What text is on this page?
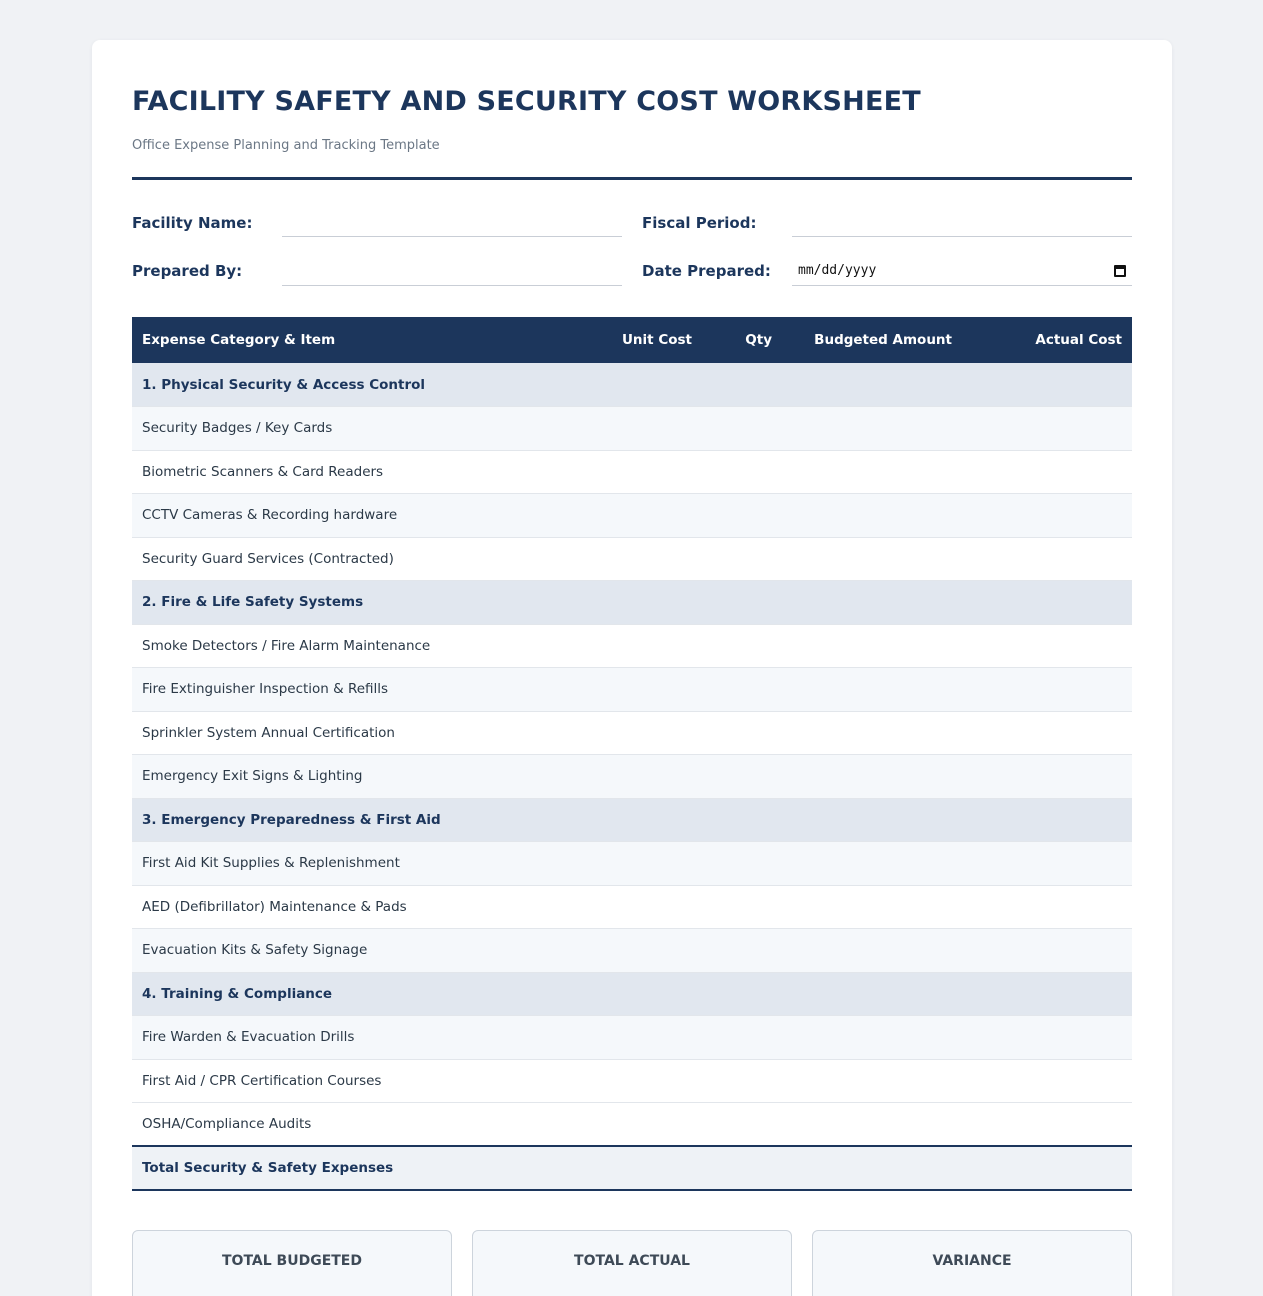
FACILITY SAFETY AND SECURITY COST WORKSHEET
Office Expense Planning and Tracking Template
Facility Name:	Fiscal Period:
Prepared By:	Date Prepared: mm/dd/yyyy
Expense Category & Item	Unit Cost	Qty	Budgeted Amount	Actual Cost
1. Physical Security & Access Control				
Security Badges / Key Cards				
Biometric Scanners & Card Readers				
CCTV Cameras & Recording hardware				
Security Guard Services (Contracted)				
2. Fire & Life Safety Systems				
Smoke Detectors / Fire Alarm Maintenance				
Fire Extinguisher Inspection & Refills				
Sprinkler System Annual Certification				
Emergency Exit Signs & Lighting				
3. Emergency Preparedness & First Aid				
First Aid Kit Supplies & Replenishment				
AED (Defibrillator) Maintenance & Pads				
Evacuation Kits & Safety Signage				
4. Training & Compliance				
Fire Warden & Evacuation Drills				
First Aid / CPR Certification Courses				
OSHA/Compliance Audits				
Total Security & Safety Expenses				
TOTAL BUDGETED	TOTAL ACTUAL	VARIANCE
